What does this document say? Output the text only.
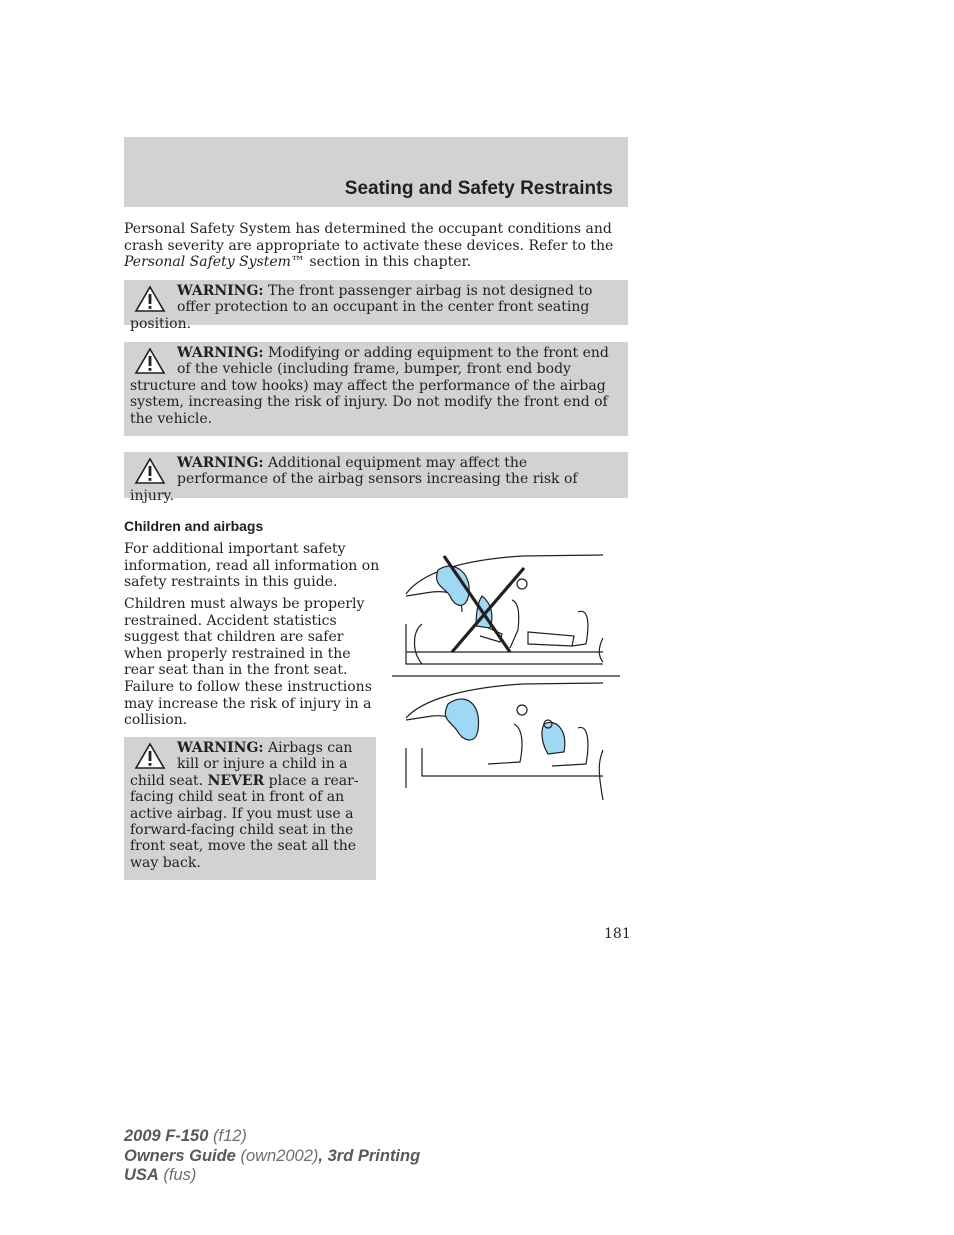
Seating and Safety Restraints
Personal Safety System has determined the occupant conditions and crash severity are appropriate to activate these devices. Refer to the Personal Safety System™ section in this chapter.
WARNING: The front passenger airbag is not designed to offer protection to an occupant in the center front seating position.
WARNING: Modifying or adding equipment to the front end of the vehicle (including frame, bumper, front end body structure and tow hooks) may affect the performance of the airbag system, increasing the risk of injury. Do not modify the front end of the vehicle.
WARNING: Additional equipment may affect the performance of the airbag sensors increasing the risk of injury.
Children and airbags
For additional important safety information, read all information on safety restraints in this guide.
Children must always be properly restrained. Accident statistics suggest that children are safer when properly restrained in the rear seat than in the front seat. Failure to follow these instructions may increase the risk of injury in a collision.
WARNING: Airbags can kill or injure a child in a child seat. NEVER place a rear-facing child seat in front of an active airbag. If you must use a forward-facing child seat in the front seat, move the seat all the way back.
181
2009 F-150 (f12)
Owners Guide (own2002), 3rd Printing
USA (fus)
